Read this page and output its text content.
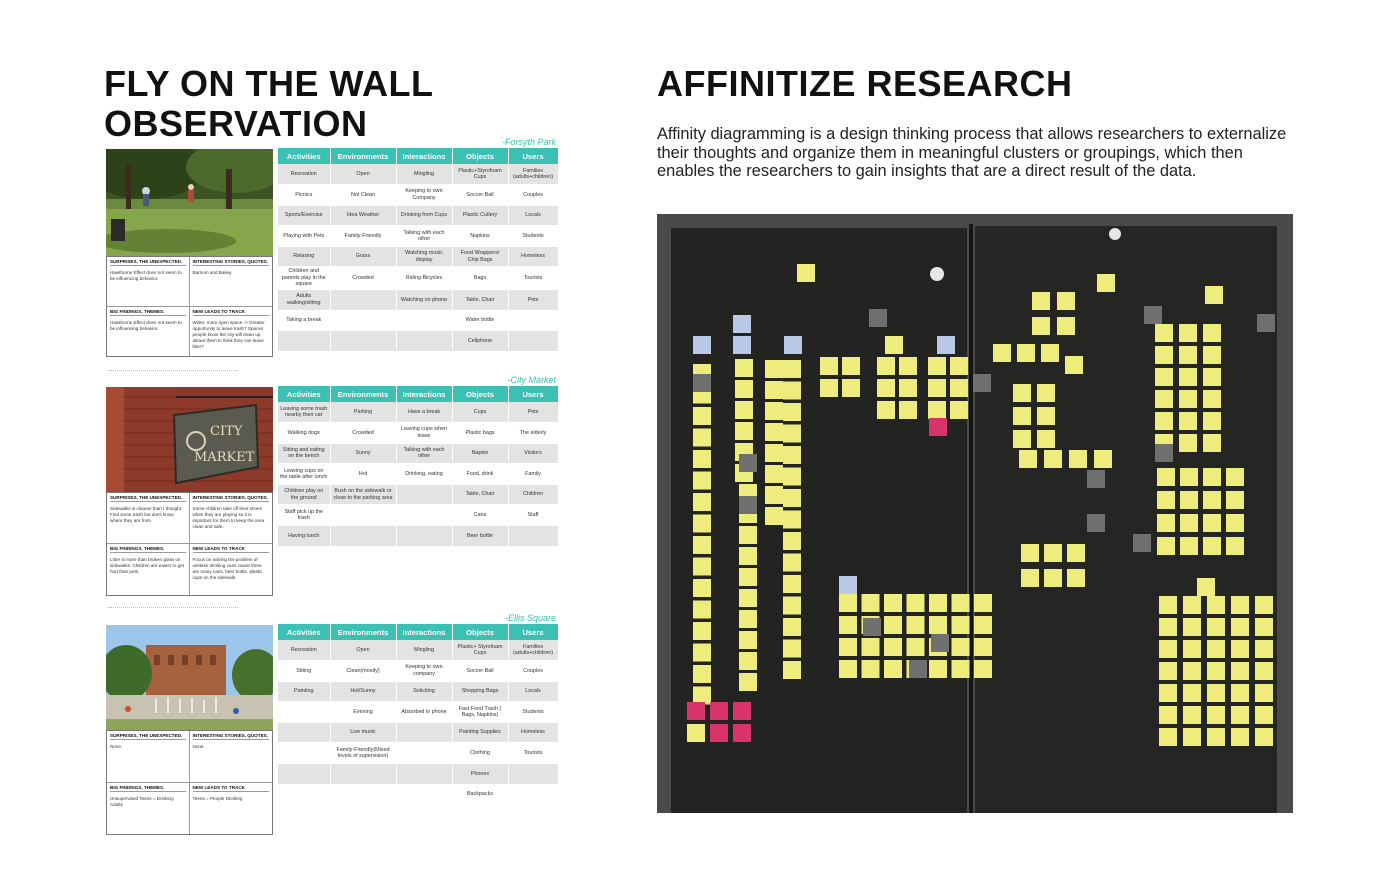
FLY ON THE WALL OBSERVATION
AFFINITIZE RESEARCH
Affinity diagramming is a design thinking process that allows researchers to externalize their thoughts and organize them in meaningful clusters or groupings, which then enables the researchers to gain insights that are a direct result of the data.
-Forsyth Park
SURPRISES, THE UNEXPECTED.
Hawthorne Effect does not seem to be influencing behavior.
INTERESTING STORIES, QUOTES.
Barnum and Bailey.
BIG FINDINGS, THEMES.
Hawthorne Effect does not seem to be influencing behavior.
NEW LEADS TO TRACK
Wider, more open space -> Greater opportunity to leave trash? Spaces people know the city will clean up allows them to think they can leave litter?
Activities	Environments	Interactions	Objects	Users
Recreation	Open	Mingling	Plastic+Styrofoam Cups	Families (adults+children)
Picnics	Not Clean	Keeping to own Company	Soccer Ball	Couples
Sports/Exercise	Idea Weather	Drinking from Cups	Plastic Cutlery	Locals
Playing with Pets	Family-Friendly	Talking with each other	Napkins	Students
Relaxing	Grass	Watching music display	Food Wrappers/ Chip Bags	Homeless
Children and parents play in the square	Crowded	Riding Bicycles	Bags	Tourists
Adults walking/sitting		Watching on phone	Table, Chair	Pets
Taking a break			Water bottle	
			Cellphone	
-City Market
CITY
MARKET
SURPRISES, THE UNEXPECTED.
Sidewalks is cleaner than I thought. Find some trash but don't know where they are from
INTERESTING STORIES, QUOTES.
Some children take off their shoes when they are playing so it is important for them to keep the area clean and safe.
BIG FINDINGS, THEMES.
Litter is more than broken glass on sidewalks. Children are easier to get hurt than pets.
NEW LEADS TO TRACK
Focus on solving the problem of useless drinking cans cause there are many cans, beer bottle, plastic cups on the sidewalk.
Activities	Environments	Interactions	Objects	Users
Leaving some trash nearby their car	Parking	Have a break	Cups	Pets
Walking dogs	Crowded	Leaving cups when leave	Plastic bags	The elderly
Sitting and eating on the bench	Sunny	Talking with each other	Napkin	Visitors
Leaving cups on the table after lunch	Hot	Drinking, eating	Food, drink	Family
Children play on the ground	Bush on the sidewalk or close to the parking area		Table, Chair	Children
Staff pick up the trash			Cans	Staff
Having lunch			Beer bottle	
-Ellis Square
SURPRISES, THE UNEXPECTED.
None.
INTERESTING STORIES, QUOTES.
None.
BIG FINDINGS, THEMES.
Unsupervised Teens = Drinking Adults
NEW LEADS TO TRACK
Teens = People Drinking
Activities	Environments	Interactions	Objects	Users
Recreation	Open	Mingling	Plastic+ Styrofoam Cups	Families (adults+children)
Sitting	Clean(mostly)	Keeping to own company	Soccer Ball	Couples
Painting	Hot/Sunny	Soliciting	Shopping Bags	Locals
	Evening	Absorbed in phone	Fast Food Trash ( Bags, Napkins)	Students
	Live music		Painting Supplies	Homeless
	Family-Friendly(Mixed levels of supervision)		Clothing	Tourists
			Phones	
			Backpacks	
